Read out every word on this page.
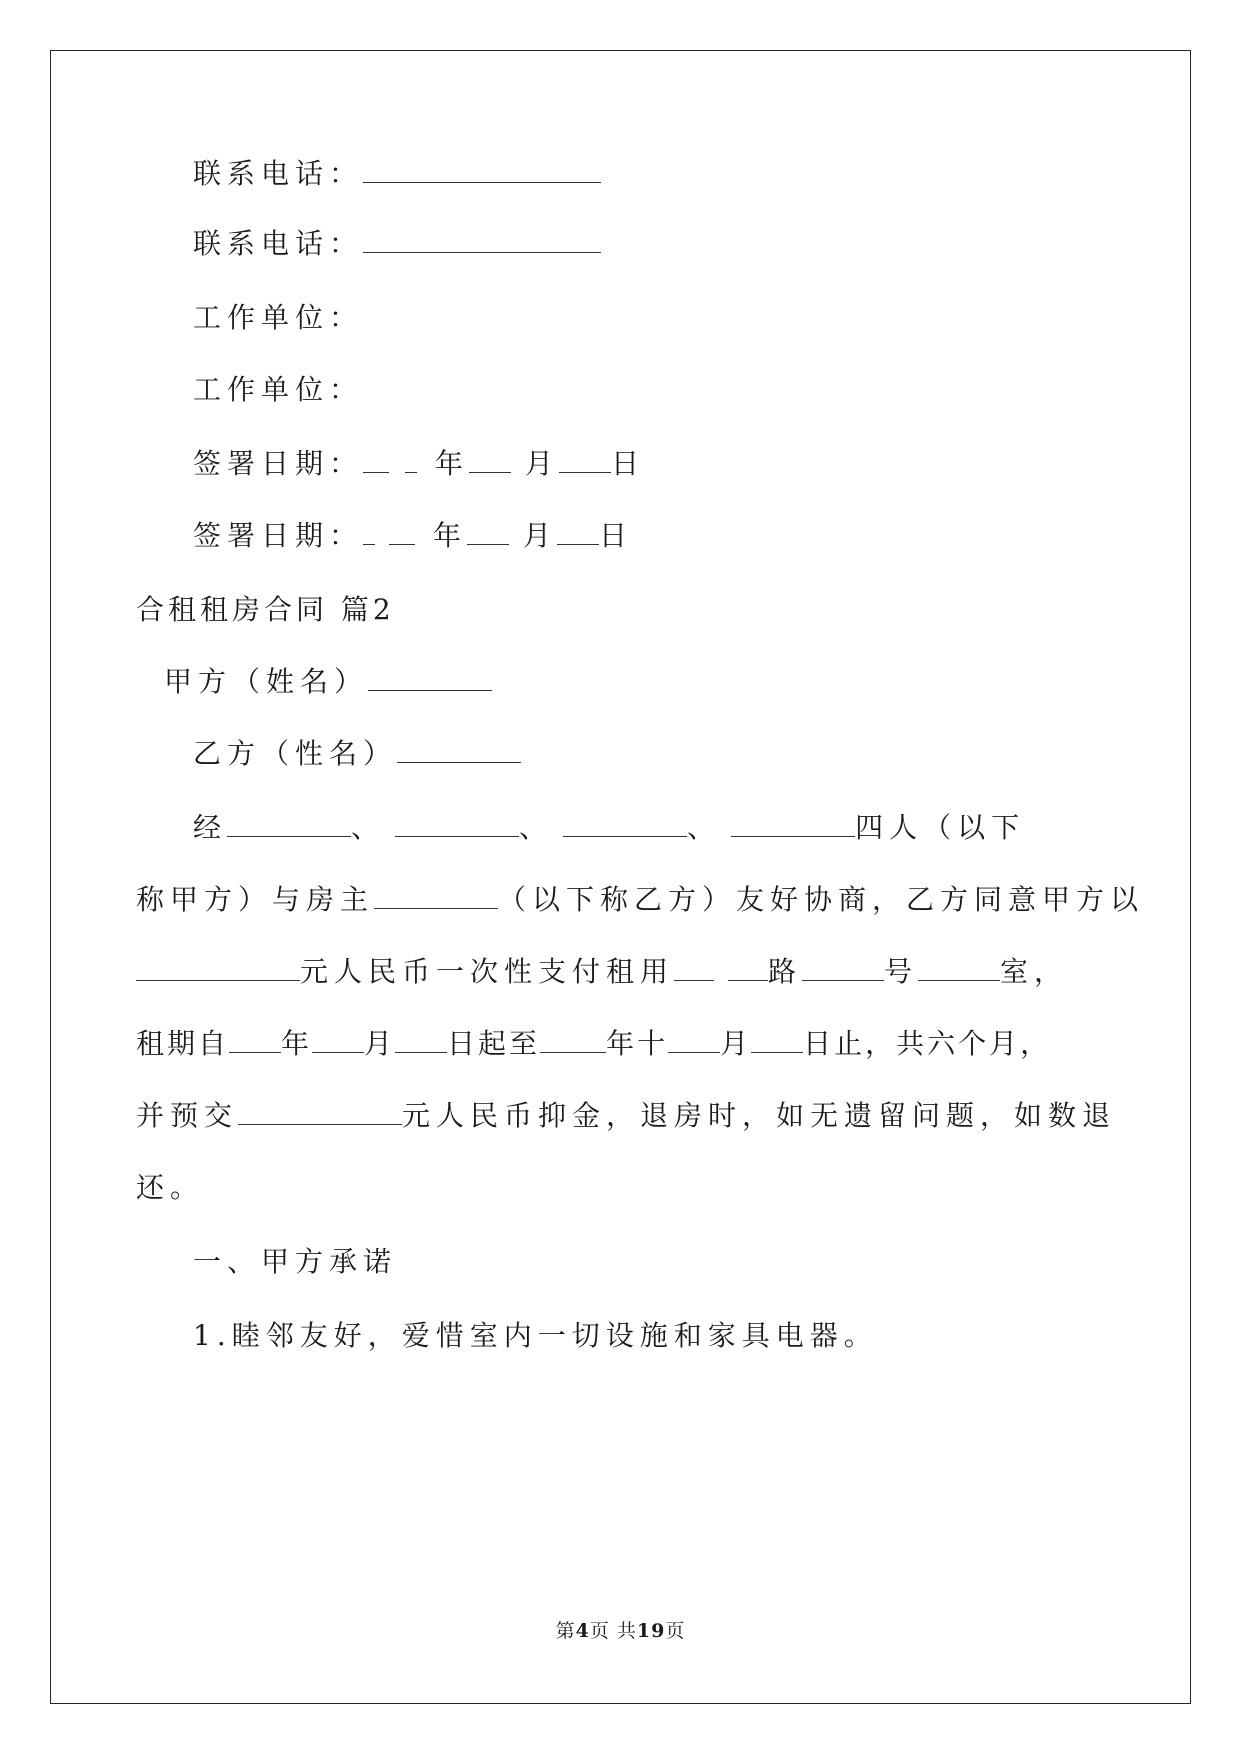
联系电话：
联系电话：
工作单位：
工作单位：
签署日期：	年 月 日
签署日期：	年 月 日
合租租房合同 篇2
甲方（姓名）
乙方（性名）
经	、	、	、	四人（以下
称甲方）与房主	（以下称乙方）友好协商，乙方同意甲方以
元人民币一次性支付租用	路	号	室，
租期自 年 月 日起至 年十 月 日止，共六个月，
并预交	元人民币抑金，退房时，如无遗留问题，如数退
还。
一、甲方承诺
1.睦邻友好，爱惜室内一切设施和家具电器。
第4页 共19页
